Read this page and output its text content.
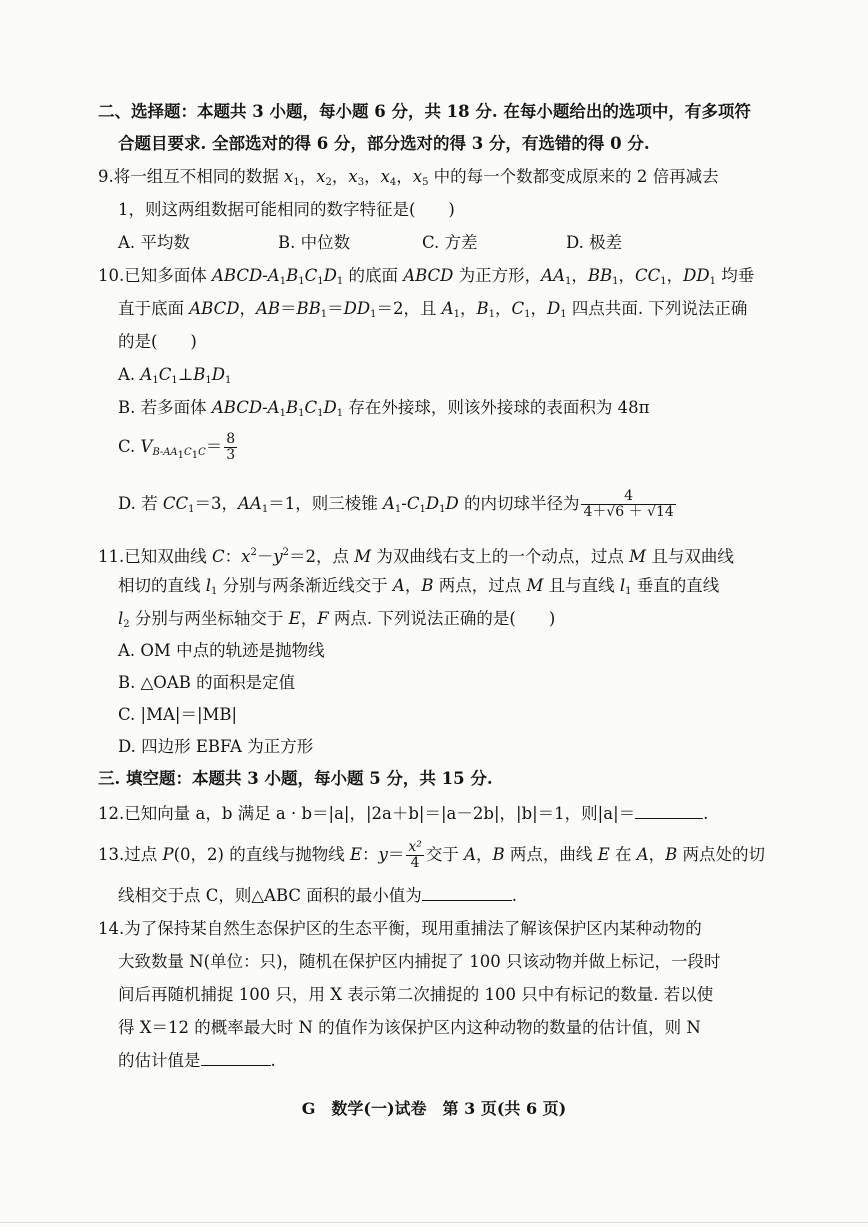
二、选择题：本题共 3 小题，每小题 6 分，共 18 分. 在每小题给出的选项中，有多项符
合题目要求. 全部选对的得 6 分，部分选对的得 3 分，有选错的得 0 分.
9.将一组互不相同的数据 $x_1$，$x_2$，$x_3$，$x_4$，$x_5$ 中的每一个数都变成原来的 2 倍再减去
1，则这两组数据可能相同的数字特征是(　　)
A. 平均数	B. 中位数	C. 方差	D. 极差
10.已知多面体 ABCD-$A_1B_1C_1D_1$ 的底面 ABCD 为正方形，$AA_1$，$BB_1$，$CC_1$，$DD_1$ 均垂
直于底面 ABCD，$AB=BB_1=DD_1=2$，且 $A_1$，$B_1$，$C_1$，$D_1$ 四点共面. 下列说法正确
的是(　　)
A. $A_1C_1\perp B_1D_1$
B. 若多面体 ABCD-$A_1B_1C_1D_1$ 存在外接球，则该外接球的表面积为 48π
C. $V_{B-AA_1C_1C}= \frac{8}{3}$
D. 若 $CC_1=3$，$AA_1=1$，则三棱锥 $A_1-C_1D_1D$ 的内切球半径为 $\frac{4}{4+√6 + √14}$
11.已知双曲线 C：$x^2-y^2=2$，点 M 为双曲线右支上的一个动点，过点 M 且与双曲线
相切的直线 $l_1$ 分别与两条渐近线交于 A，B 两点，过点 M 且与直线 $l_1$ 垂直的直线
$l_2$ 分别与两坐标轴交于 E，F 两点. 下列说法正确的是(　　)
A. OM 中点的轨迹是抛物线
B. △OAB 的面积是定值
C. |MA|＝|MB|
D. 四边形 EBFA 为正方形
三. 填空题：本题共 3 小题，每小题 5 分，共 15 分.
12.已知向量 a，b 满足 a · b＝|a|，|2a＋b|＝|a－2b|，|b|＝1，则|a|＝	.
13.过点 P(0，2) 的直线与抛物线 E：$y= \frac{\text{x²}}{4}$ 交于 A，B 两点，曲线 E 在 A，B 两点处的切
线相交于点 C，则△ABC 面积的最小值为	.
14.为了保持某自然生态保护区的生态平衡，现用重捕法了解该保护区内某种动物的
大致数量 N(单位：只)，随机在保护区内捕捉了 100 只该动物并做上标记，一段时
间后再随机捕捉 100 只，用 X 表示第二次捕捉的 100 只中有标记的数量. 若以使
得 X＝12 的概率最大时 N 的值作为该保护区内这种动物的数量的估计值，则 N
的估计值是	.
G　数学(一)试卷　第 3 页(共 6 页)
